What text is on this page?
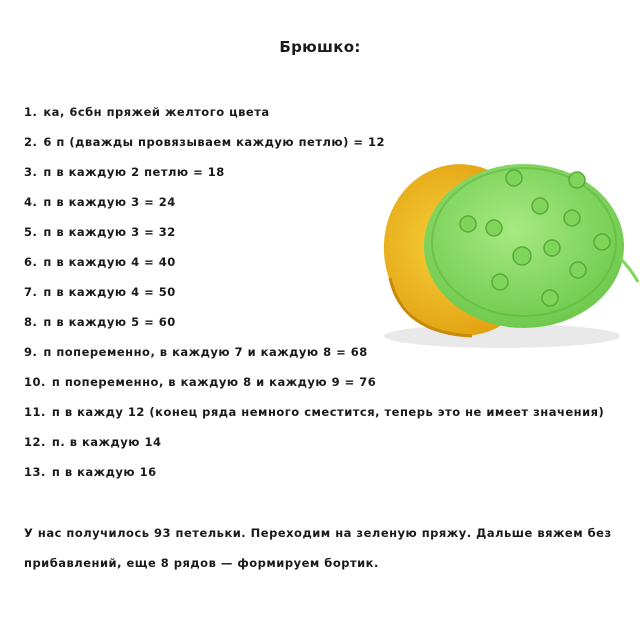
Брюшко:
1. ка, 6сбн пряжей желтого цвета
2. 6 п (дважды провязываем каждую петлю) = 12
3. п в каждую 2 петлю = 18
4. п в каждую 3 = 24
5. п в каждую 3 = 32
6. п в каждую 4 = 40
7. п в каждую 4 = 50
8. п в каждую 5 = 60
9. п попеременно, в каждую 7 и каждую 8 = 68
10. п попеременно, в каждую 8 и каждую 9 = 76
11. п в кажду 12 (конец ряда немного сместится, теперь это не имеет значения)
12. п. в каждую 14
13. п в каждую 16

У нас получилось 93 петельки. Переходим на зеленую пряжу. Дальше вяжем без

прибавлений, еще 8 рядов — формируем бортик.
